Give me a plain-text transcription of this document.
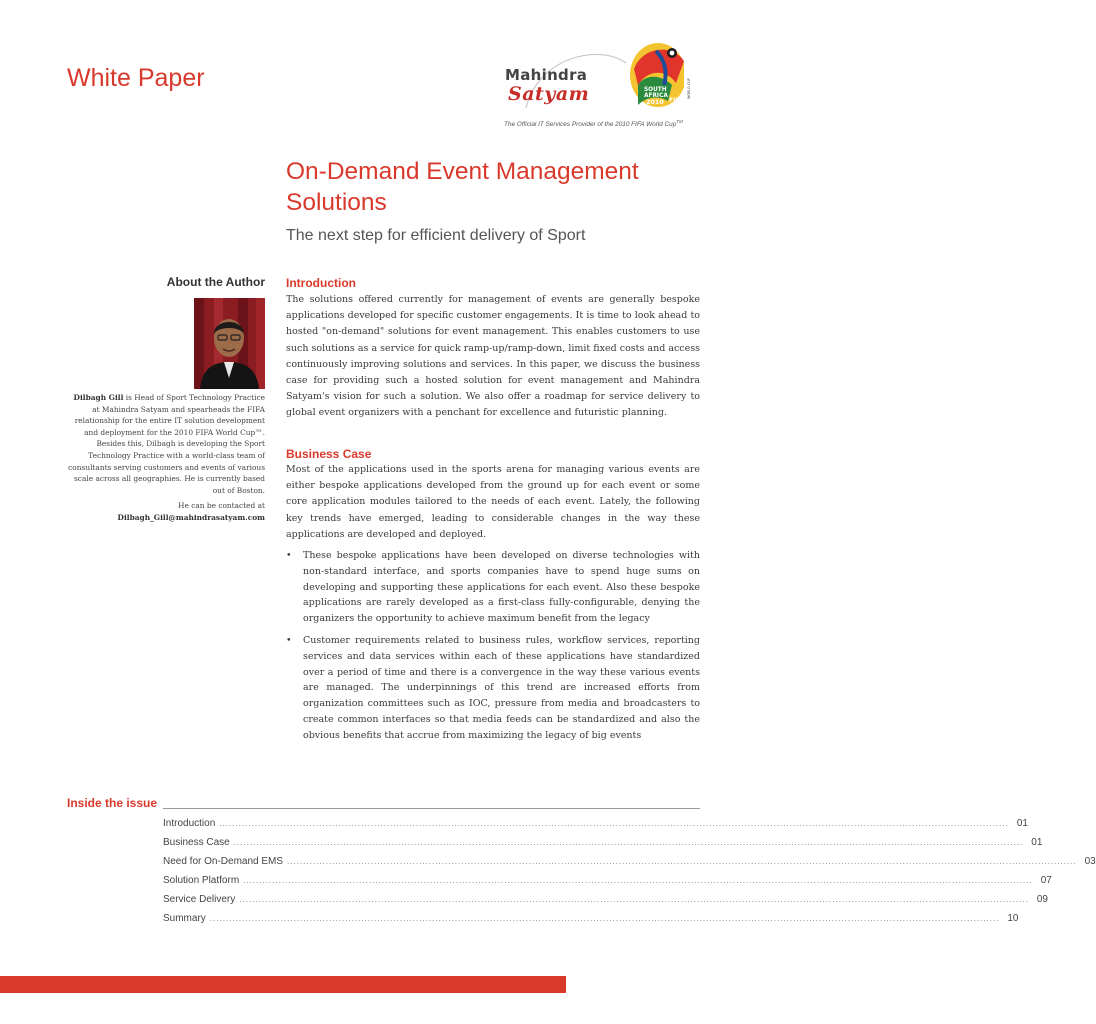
White Paper	Mahindra
Satyam	SOUTH
AFRICA
2010 FIFA
WORLD CUP
The Official IT Services Provider of the 2010 FIFA World Cup™
On-Demand Event Management Solutions
The next step for efficient delivery of Sport
About the Author
Dilbagh Gill is Head of Sport Technology Practice at Mahindra Satyam and spearheads the FIFA relationship for the entire IT solution development and deployment for the 2010 FIFA World Cup™. Besides this, Dilbagh is developing the Sport Technology Practice with a world-class team of consultants serving customers and events of various scale across all geographies. He is currently based out of Boston.
He can be contacted at
Dilbagh_Gill@mahindrasatyam.com
Introduction
The solutions offered currently for management of events are generally bespoke applications developed for specific customer engagements. It is time to look ahead to hosted "on-demand" solutions for event management. This enables customers to use such solutions as a service for quick ramp-up/ramp-down, limit fixed costs and access continuously improving solutions and services. In this paper, we discuss the business case for providing such a hosted solution for event management and Mahindra Satyam's vision for such a solution. We also offer a roadmap for service delivery to global event organizers with a penchant for excellence and futuristic planning.
Business Case
Most of the applications used in the sports arena for managing various events are either bespoke applications developed from the ground up for each event or some core application modules tailored to the needs of each event. Lately, the following key trends have emerged, leading to considerable changes in the way these applications are developed and deployed.
• These bespoke applications have been developed on diverse technologies with non-standard interface, and sports companies have to spend huge sums on developing and supporting these applications for each event. Also these bespoke applications are rarely developed as a first-class fully-configurable, denying the organizers the opportunity to achieve maximum benefit from the legacy
• Customer requirements related to business rules, workflow services, reporting services and data services within each of these applications have standardized over a period of time and there is a convergence in the way these various events are managed. The underpinnings of this trend are increased efforts from organization committees such as IOC, pressure from media and broadcasters to create common interfaces so that media feeds can be standardized and also the obvious benefits that accrue from maximizing the legacy of big events
Inside the issue
Introduction ..................................................................................................................................................................................................................................................... 01
Business Case ..................................................................................................................................................................................................................................................... 01
Need for On-Demand EMS ..................................................................................................................................................................................................................................................... 03
Solution Platform ..................................................................................................................................................................................................................................................... 07
Service Delivery ..................................................................................................................................................................................................................................................... 09
Summary ..................................................................................................................................................................................................................................................... 10
